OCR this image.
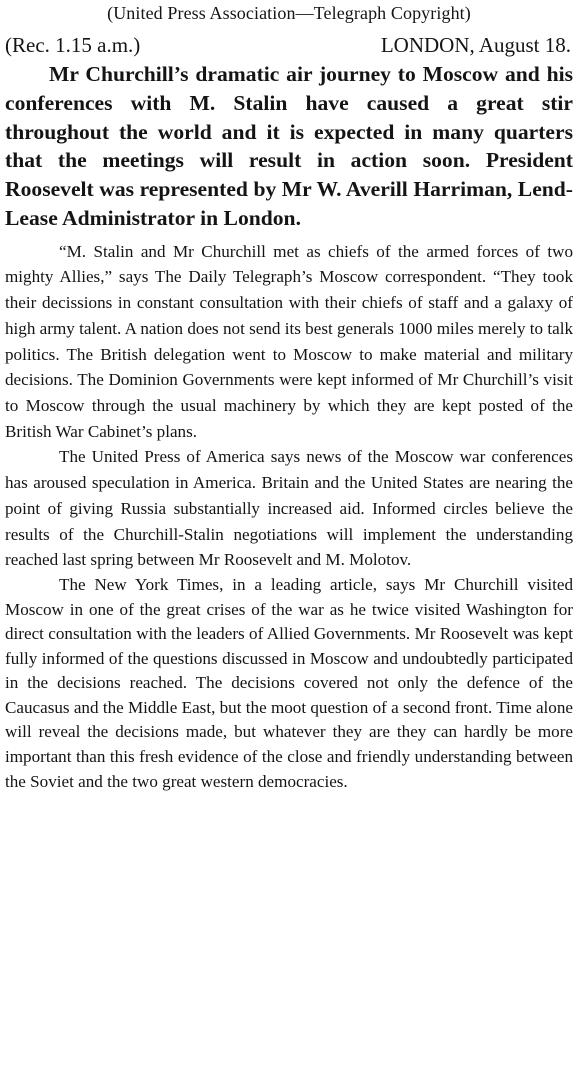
(United Press Association—Telegraph Copyright)
(Rec. 1.15 a.m.)	LONDON, August 18.

Mr Churchill’s dramatic air journey to Moscow and his conferences with M. Stalin have caused a great stir throughout the world and it is expected in many quarters that the meetings will result in action soon. President Roosevelt was represented by Mr W. Averill Harriman, Lend-Lease Administrator in London.

“M. Stalin and Mr Churchill met as chiefs of the armed forces of two mighty Allies,” says The Daily Telegraph’s Moscow correspondent. “They took their decissions in constant consultation with their chiefs of staff and a galaxy of high army talent. A nation does not send its best generals 1000 miles merely to talk politics. The British delegation went to Moscow to make material and military decisions. The Dominion Governments were kept informed of Mr Churchill’s visit to Moscow through the usual machinery by which they are kept posted of the British War Cabinet’s plans.

The United Press of America says news of the Moscow war conferences has aroused speculation in America. Britain and the United States are nearing the point of giving Russia substantially increased aid. Informed circles believe the results of the Churchill-Stalin negotiations will implement the understanding reached last spring between Mr Roosevelt and M. Molotov.

The New York Times, in a leading article, says Mr Churchill visited Moscow in one of the great crises of the war as he twice visited Washington for direct consultation with the leaders of Allied Governments. Mr Roosevelt was kept fully informed of the questions discussed in Moscow and undoubtedly participated in the decisions reached. The decisions covered not only the defence of the Caucasus and the Middle East, but the moot question of a second front. Time alone will reveal the decisions made, but whatever they are they can hardly be more important than this fresh evidence of the close and friendly understanding between the Soviet and the two great western democracies.
